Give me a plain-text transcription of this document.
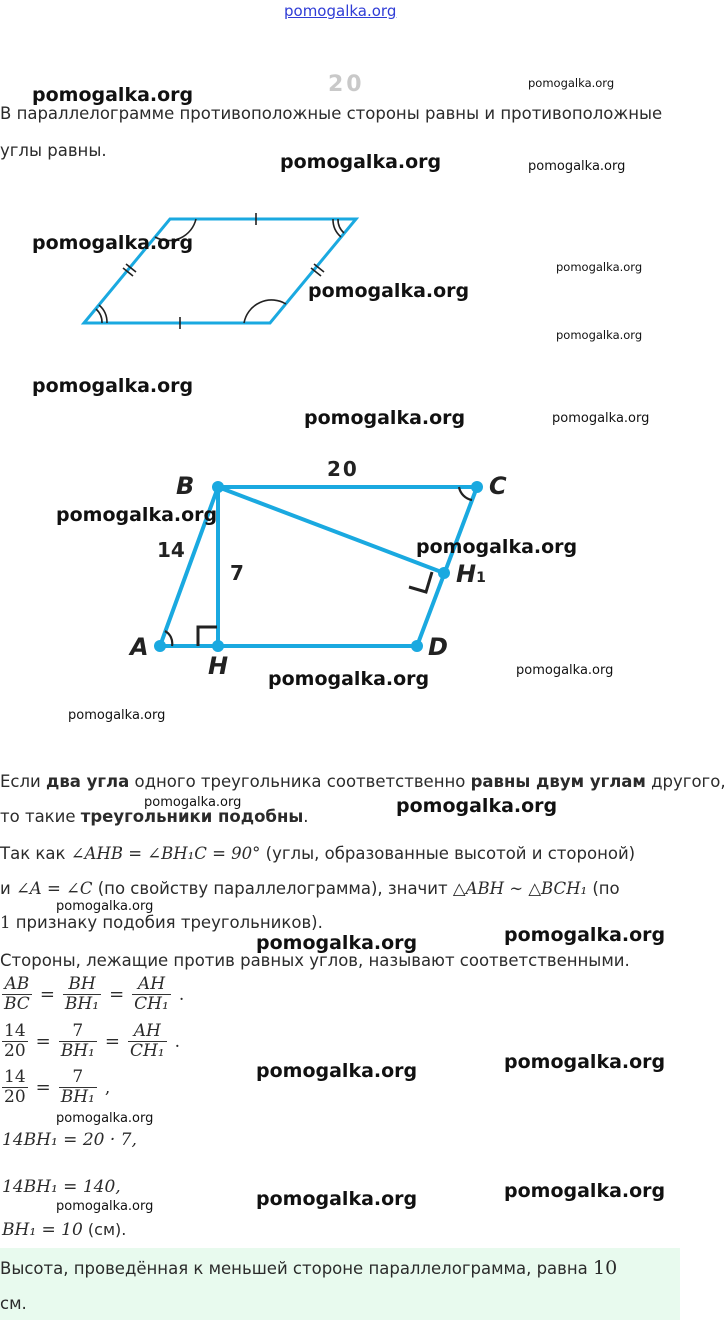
pomogalka.org
20
В параллелограмме противоположные стороны равны и противоположные
углы равны.
B	C
A
H
D
H1
20
14
7
Если два угла одного треугольника соответственно равны двум углам другого,
то такие треугольники подобны.
Так как ∠AHB = ∠BH₁C = 90° (углы, образованные высотой и стороной)
и ∠A = ∠C (по свойству параллелограмма), значит △ABH ∼ △BCH₁ (по
1 признаку подобия треугольников).
Стороны, лежащие против равных углов, называют соответственными.
$\frac{AB}{BC} = \frac{BH}{\text{BH₁}} = \frac{AH}{\text{CH₁}}$ .
$\frac{14}{20} = \frac{7}{\text{BH₁}} = \frac{AH}{\text{CH₁}}$ .
$\frac{14}{20} = \frac{7}{\text{BH₁}}$ ,
14BH₁ = 20 · 7,
14BH₁ = 140,
BH₁ = 10 (см).
Высота, проведённая к меньшей стороне параллелограмма, равна 10
см.
pomogalka.org
pomogalka.org
pomogalka.org	pomogalka.org
pomogalka.org
pomogalka.org
pomogalka.org
pomogalka.org
pomogalka.org
pomogalka.org	pomogalka.org
pomogalka.org
pomogalka.org
pomogalka.org
pomogalka.org
pomogalka.org
pomogalka.org	pomogalka.org
pomogalka.org
pomogalka.org
pomogalka.org
pomogalka.org
pomogalka.org
pomogalka.org
pomogalka.org
pomogalka.org
pomogalka.org
